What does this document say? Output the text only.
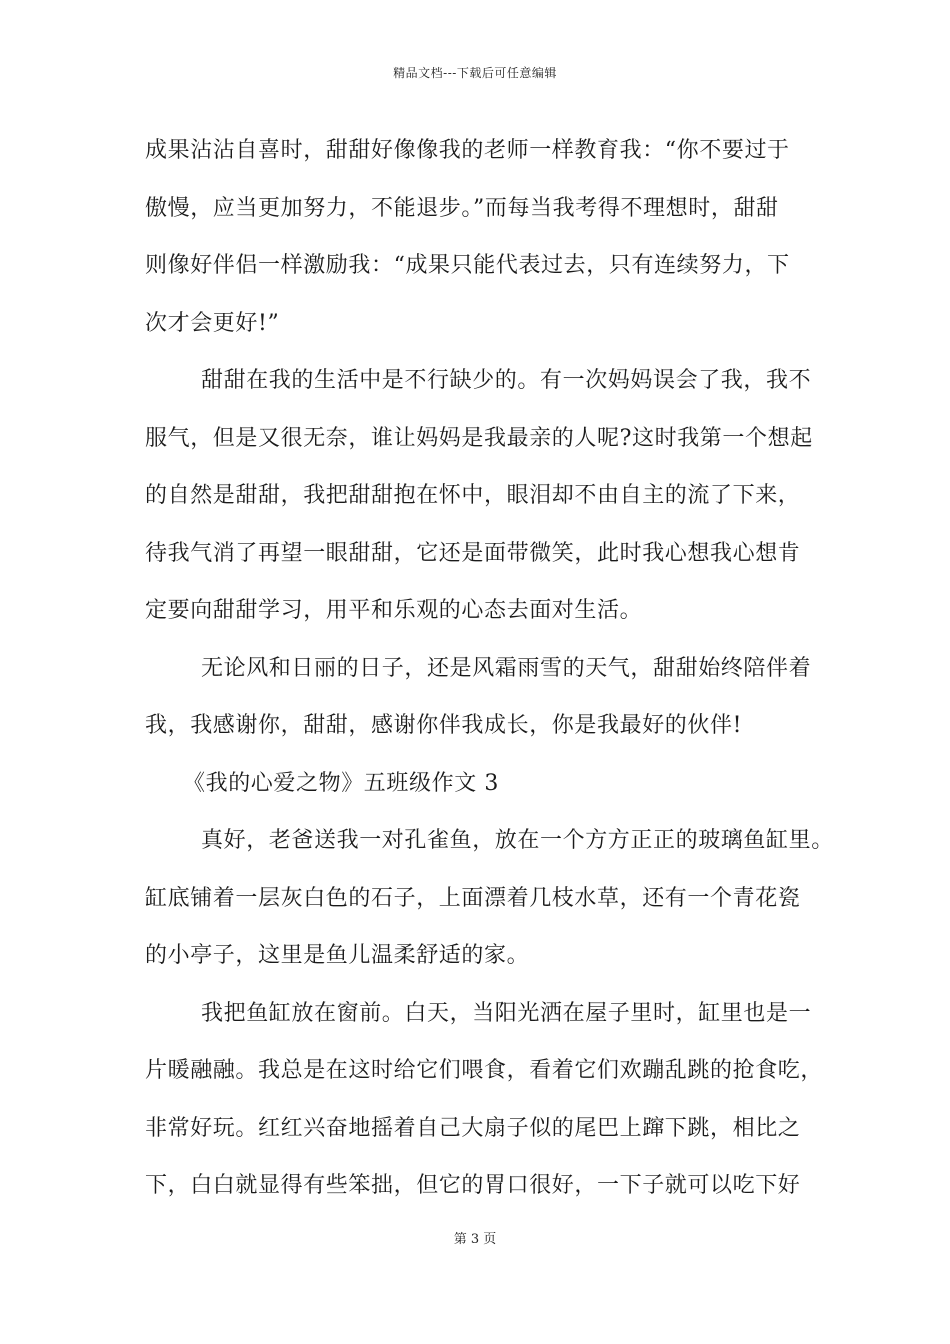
精品文档---下载后可任意编辑
成果沾沾自喜时，甜甜好像像我的老师一样教育我：“你不要过于
傲慢，应当更加努力，不能退步。”而每当我考得不理想时，甜甜
则像好伴侣一样激励我：“成果只能代表过去，只有连续努力，下
次才会更好!”
甜甜在我的生活中是不行缺少的。有一次妈妈误会了我，我不
服气，但是又很无奈，谁让妈妈是我最亲的人呢?这时我第一个想起
的自然是甜甜，我把甜甜抱在怀中，眼泪却不由自主的流了下来，
待我气消了再望一眼甜甜，它还是面带微笑，此时我心想我心想肯
定要向甜甜学习，用平和乐观的心态去面对生活。
无论风和日丽的日子，还是风霜雨雪的天气，甜甜始终陪伴着
我，我感谢你，甜甜，感谢你伴我成长，你是我最好的伙伴!
《我的心爱之物》五班级作文 3
真好，老爸送我一对孔雀鱼，放在一个方方正正的玻璃鱼缸里。
缸底铺着一层灰白色的石子，上面漂着几枝水草，还有一个青花瓷
的小亭子，这里是鱼儿温柔舒适的家。
我把鱼缸放在窗前。白天，当阳光洒在屋子里时，缸里也是一
片暖融融。我总是在这时给它们喂食，看着它们欢蹦乱跳的抢食吃，
非常好玩。红红兴奋地摇着自己大扇子似的尾巴上蹿下跳，相比之
下，白白就显得有些笨拙，但它的胃口很好，一下子就可以吃下好
第 3 页
